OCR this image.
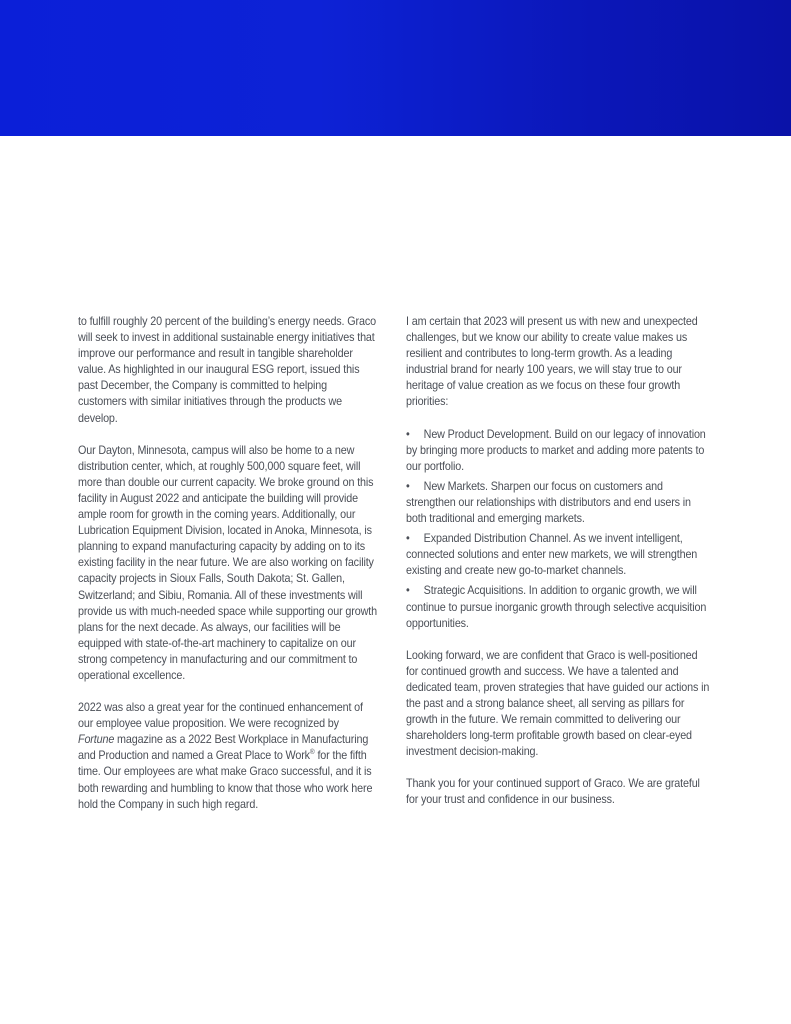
to fulfill roughly 20 percent of the building’s energy needs. Graco will seek to invest in additional sustainable energy initiatives that improve our performance and result in tangible shareholder value. As highlighted in our inaugural ESG report, issued this past December, the Company is committed to helping customers with similar initiatives through the products we develop.

Our Dayton, Minnesota, campus will also be home to a new distribution center, which, at roughly 500,000 square feet, will more than double our current capacity. We broke ground on this facility in August 2022 and anticipate the building will provide ample room for growth in the coming years. Additionally, our Lubrication Equipment Division, located in Anoka, Minnesota, is planning to expand manufacturing capacity by adding on to its existing facility in the near future. We are also working on facility capacity projects in Sioux Falls, South Dakota; St. Gallen, Switzerland; and Sibiu, Romania. All of these investments will provide us with much-needed space while supporting our growth plans for the next decade. As always, our facilities will be equipped with state-of-the-art machinery to capitalize on our strong competency in manufacturing and our commitment to operational excellence.

2022 was also a great year for the continued enhancement of our employee value proposition. We were recognized by Fortune magazine as a 2022 Best Workplace in Manufacturing and Production and named a Great Place to Work® for the fifth time. Our employees are what make Graco successful, and it is both rewarding and humbling to know that those who work here hold the Company in such high regard.

I am certain that 2023 will present us with new and unexpected challenges, but we know our ability to create value makes us resilient and contributes to long-term growth. As a leading industrial brand for nearly 100 years, we will stay true to our heritage of value creation as we focus on these four growth priorities:

• New Product Development. Build on our legacy of innovation by bringing more products to market and adding more patents to our portfolio.
• New Markets. Sharpen our focus on customers and strengthen our relationships with distributors and end users in both traditional and emerging markets.
• Expanded Distribution Channel. As we invent intelligent, connected solutions and enter new markets, we will strengthen existing and create new go-to-market channels.
• Strategic Acquisitions. In addition to organic growth, we will continue to pursue inorganic growth through selective acquisition opportunities.

Looking forward, we are confident that Graco is well-positioned for continued growth and success. We have a talented and dedicated team, proven strategies that have guided our actions in the past and a strong balance sheet, all serving as pillars for growth in the future. We remain committed to delivering our shareholders long-term profitable growth based on clear-eyed investment decision-making.

Thank you for your continued support of Graco. We are grateful for your trust and confidence in our business.
